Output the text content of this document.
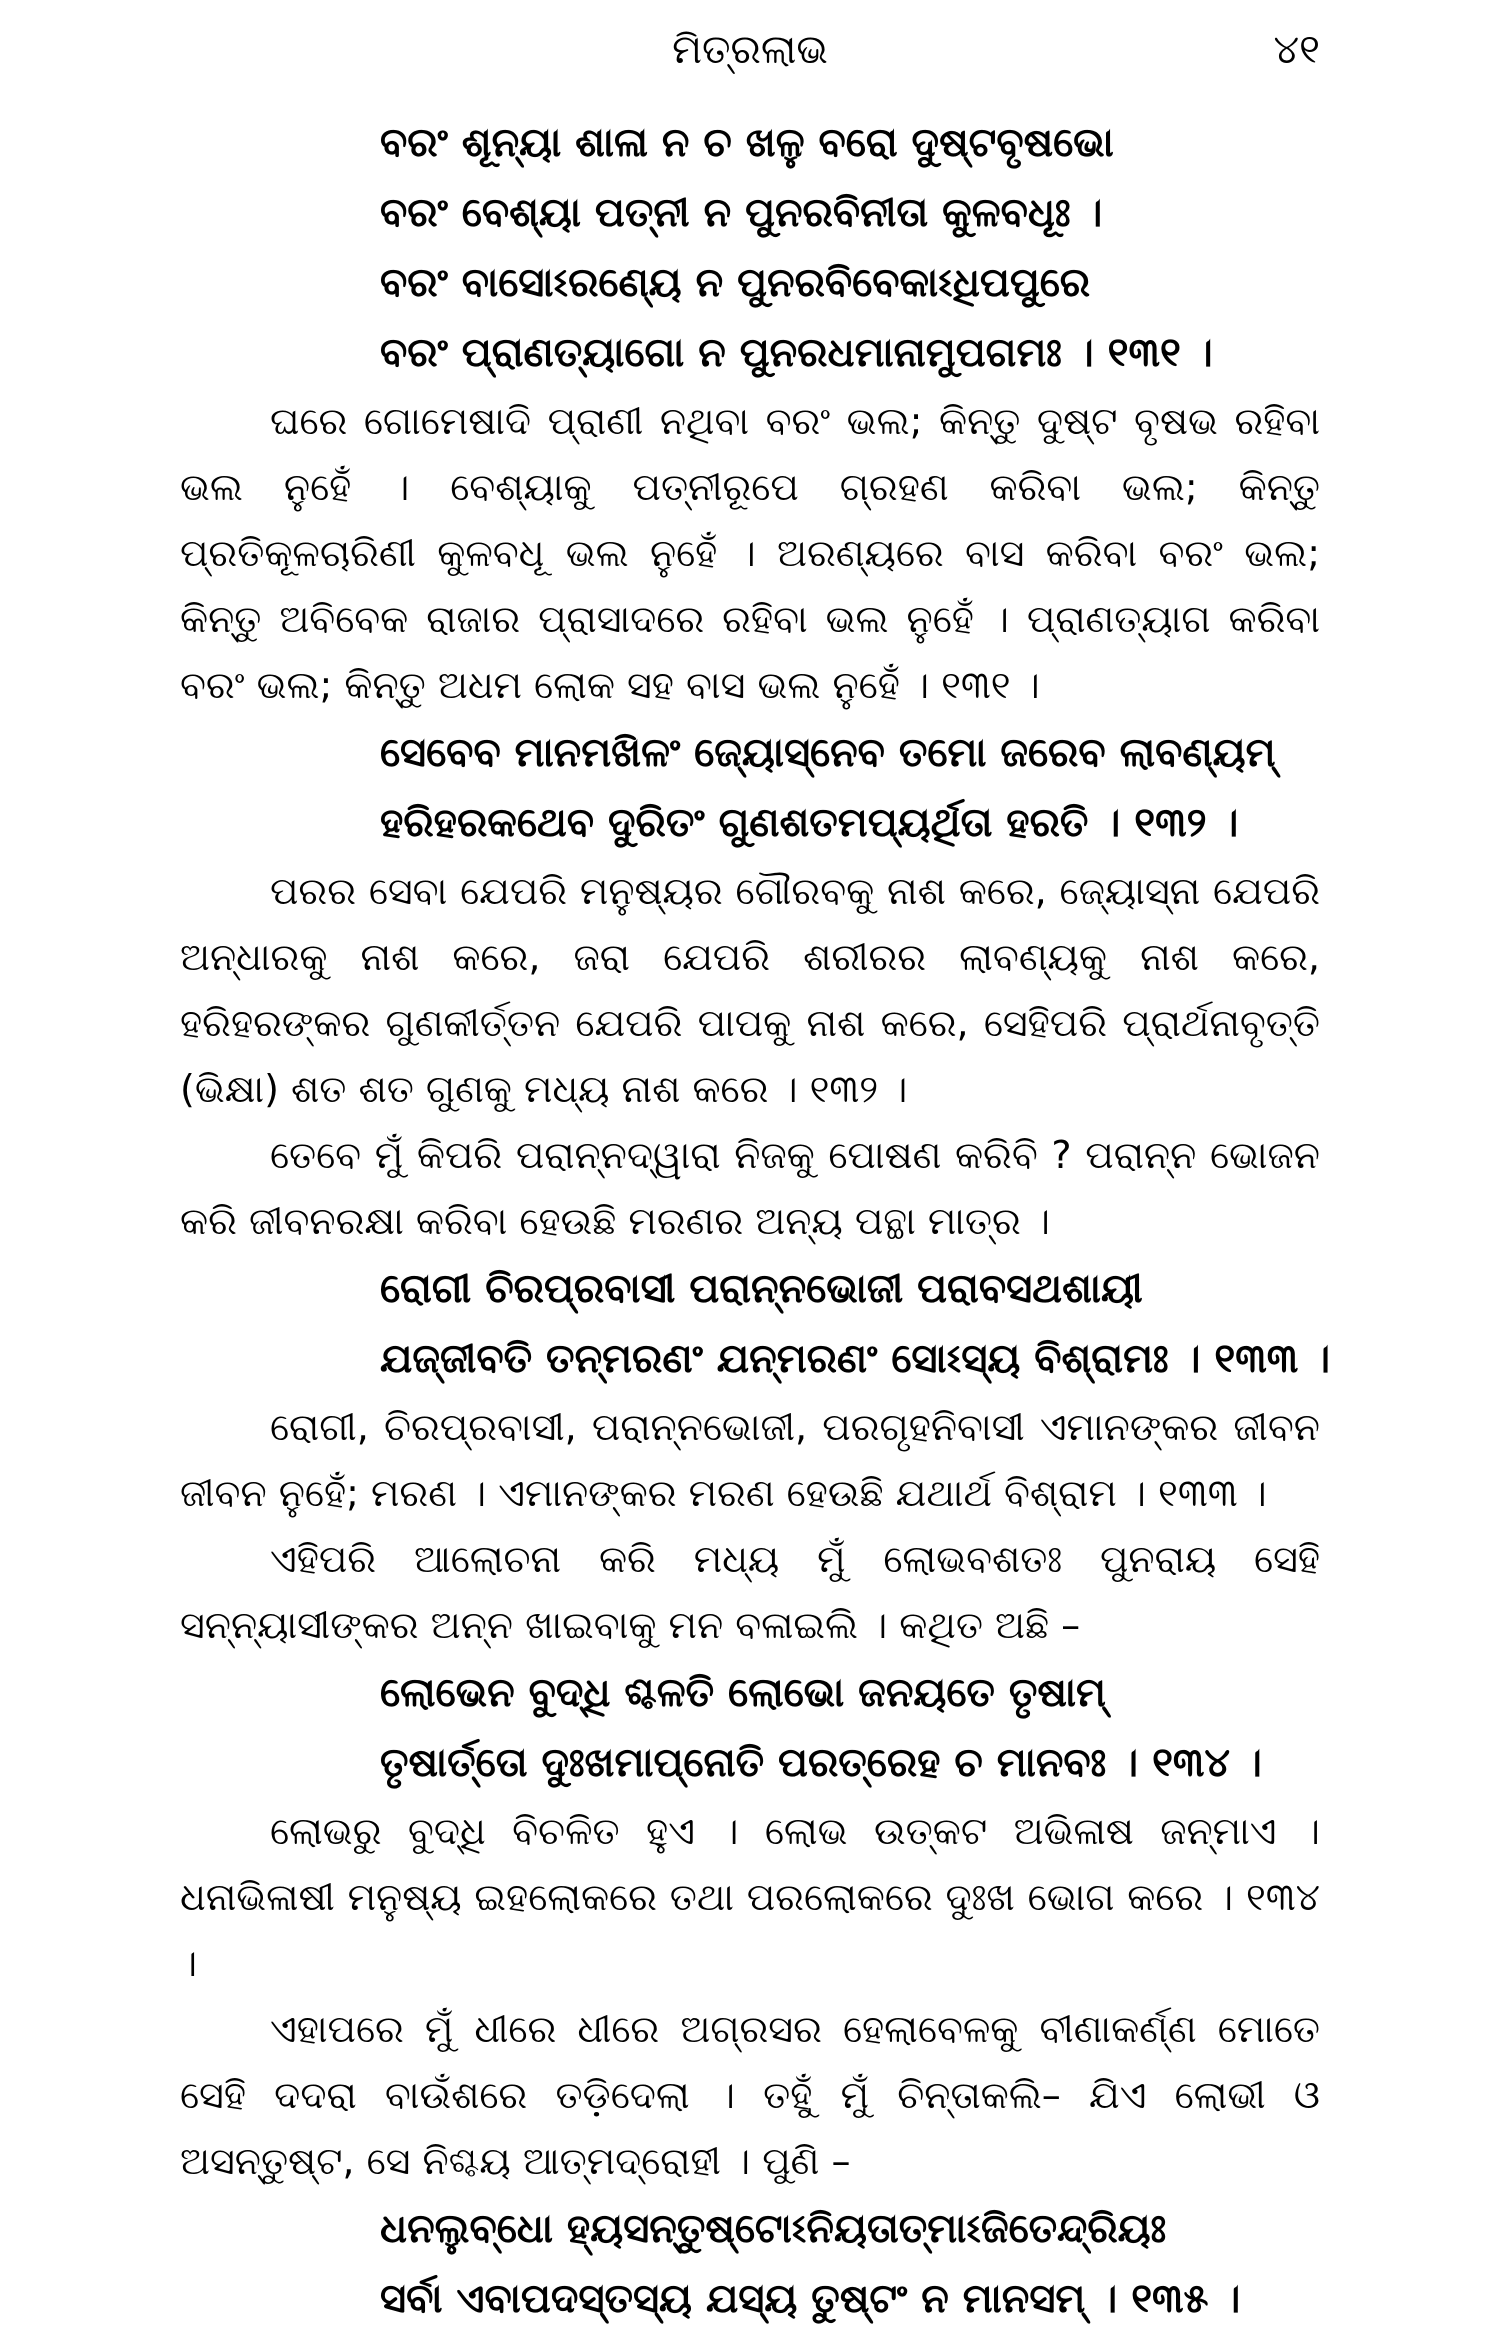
ମିତ୍ରଲାଭ	୪୧

ବରଂ ଶୂନ୍ୟା ଶାଳା ନ ଚ ଖଳୁ ବରୋ ଦୁଷ୍ଟବୃଷଭୋ

ବରଂ ବେଶ୍ୟା ପତ୍ନୀ ନ ପୁନରବିନୀତା କୁଳବଧୂଃ ।

ବରଂ ବାସୋଽରଣ୍ୟେ ନ ପୁନରବିବେକାଽଧିପପୁରେ

ବରଂ ପ୍ରାଣତ୍ୟାଗୋ ନ ପୁନରଧମାନାମୁପଗମଃ । ୧୩୧ ।

ଘରେ ଗୋମେଷାଦି ପ୍ରାଣୀ ନଥିବା ବରଂ ଭଲ; କିନ୍ତୁ ଦୁଷ୍ଟ ବୃଷଭ ରହିବା ଭଲ ନୁହେଁ । ବେଶ୍ୟାକୁ ପତ୍ନୀରୂପେ ଗ୍ରହଣ କରିବା ଭଲ; କିନ୍ତୁ ପ୍ରତିକୂଳଚାରିଣୀ କୁଳବଧୂ ଭଲ ନୁହେଁ । ଅରଣ୍ୟରେ ବାସ କରିବା ବରଂ ଭଲ; କିନ୍ତୁ ଅବିବେକ ରାଜାର ପ୍ରାସାଦରେ ରହିବା ଭଲ ନୁହେଁ । ପ୍ରାଣତ୍ୟାଗ କରିବା ବରଂ ଭଲ; କିନ୍ତୁ ଅଧମ ଲୋକ ସହ ବାସ ଭଲ ନୁହେଁ । ୧୩୧ ।

ସେବେବ ମାନମଖିଳଂ ଜ୍ୟୋସ୍ନେବ ତମୋ ଜରେବ ଲାବଣ୍ୟମ୍

ହରିହରକଥେବ ଦୁରିତଂ ଗୁଣଶତମପ୍ୟର୍ଥିତା ହରତି । ୧୩୨ ।

ପରର ସେବା ଯେପରି ମନୁଷ୍ୟର ଗୌରବକୁ ନାଶ କରେ, ଜ୍ୟୋସ୍ନା ଯେପରି ଅନ୍ଧାରକୁ ନାଶ କରେ, ଜରା ଯେପରି ଶରୀରର ଲାବଣ୍ୟକୁ ନାଶ କରେ, ହରିହରଙ୍କର ଗୁଣକୀର୍ତ୍ତନ ଯେପରି ପାପକୁ ନାଶ କରେ, ସେହିପରି ପ୍ରାର୍ଥନାବୃତ୍ତି (ଭିକ୍ଷା) ଶତ ଶତ ଗୁଣକୁ ମଧ୍ୟ ନାଶ କରେ । ୧୩୨ ।

ତେବେ ମୁଁ କିପରି ପରାନ୍ନଦ୍ୱାରା ନିଜକୁ ପୋଷଣ କରିବି ? ପରାନ୍ନ ଭୋଜନ କରି ଜୀବନରକ୍ଷା କରିବା ହେଉଛି ମରଣର ଅନ୍ୟ ପନ୍ଥା ମାତ୍ର ।

ରୋଗୀ ଚିରପ୍ରବାସୀ ପରାନ୍ନଭୋଜୀ ପରାବସଥଶାୟୀ

ଯଜ୍ଜୀବତି ତନ୍ମରଣଂ ଯନ୍ମରଣଂ ସୋଽସ୍ୟ ବିଶ୍ରାମଃ । ୧୩୩ ।

ରୋଗୀ, ଚିରପ୍ରବାସୀ, ପରାନ୍ନଭୋଜୀ, ପରଗୃହନିବାସୀ ଏମାନଙ୍କର ଜୀବନ ଜୀବନ ନୁହେଁ; ମରଣ । ଏମାନଙ୍କର ମରଣ ହେଉଛି ଯଥାର୍ଥ ବିଶ୍ରାମ । ୧୩୩ ।

ଏହିପରି ଆଲୋଚନା କରି ମଧ୍ୟ ମୁଁ ଲୋଭବଶତଃ ପୁନରାୟ ସେହି ସନ୍ନ୍ୟାସୀଙ୍କର ଅନ୍ନ ଖାଇବାକୁ ମନ ବଳାଇଲି । କଥିତ ଅଛି –

ଲୋଭେନ ବୁଦ୍ଧି ଶ୍ଚଳତି ଲୋଭୋ ଜନୟତେ ତୃଷାମ୍

ତୃଷାର୍ତ୍ତୋ ଦୁଃଖମାପ୍ନୋତି ପରତ୍ରେହ ଚ ମାନବଃ । ୧୩୪ ।

ଲୋଭରୁ ବୁଦ୍ଧି ବିଚଳିତ ହୁଏ । ଲୋଭ ଉତ୍କଟ ଅଭିଳାଷ ଜନ୍ମାଏ । ଧନାଭିଳାଷୀ ମନୁଷ୍ୟ ଇହଲୋକରେ ତଥା ପରଲୋକରେ ଦୁଃଖ ଭୋଗ କରେ । ୧୩୪ ।

ଏହାପରେ ମୁଁ ଧୀରେ ଧୀରେ ଅଗ୍ରସର ହେଲାବେଳକୁ ବୀଣାକର୍ଣ୍ଣ ମୋତେ ସେହି ଦଦରା ବାଉଁଶରେ ତଡ଼ିଦେଲା । ତହୁଁ ମୁଁ ଚିନ୍ତାକଲି– ଯିଏ ଲୋଭୀ ଓ ଅସନ୍ତୁଷ୍ଟ, ସେ ନିଶ୍ଚୟ ଆତ୍ମଦ୍ରୋହୀ । ପୁଣି –

ଧନଲୁବ୍ଧୋ ହ୍ୟସନ୍ତୁଷ୍ଟୋଽନିୟତାତ୍ମାଽଜିତେନ୍ଦ୍ରିୟଃ

ସର୍ବା ଏବାପଦସ୍ତସ୍ୟ ଯସ୍ୟ ତୁଷ୍ଟଂ ନ ମାନସମ୍ । ୧୩୫ ।
